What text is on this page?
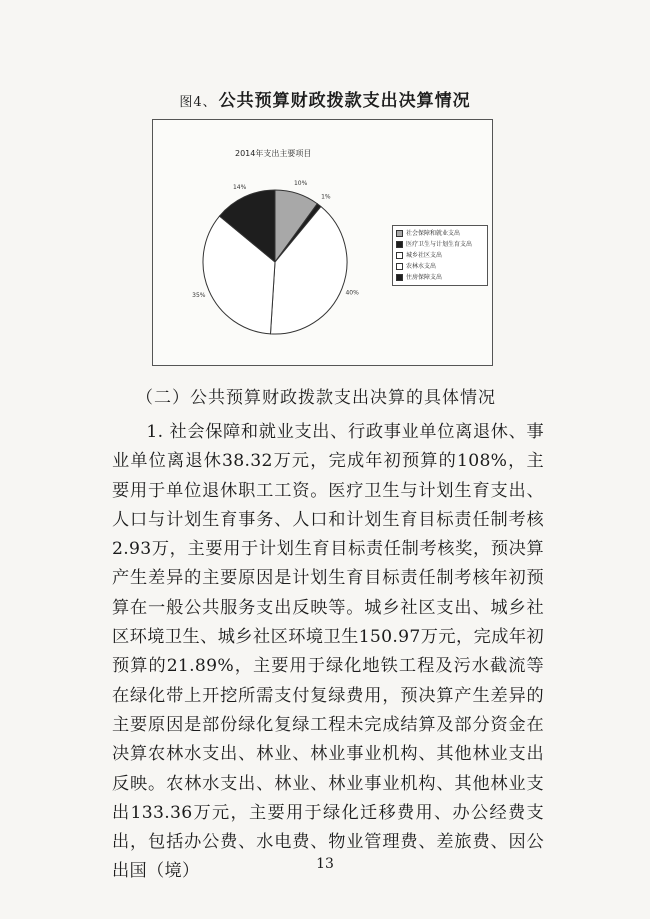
图4、 公共预算财政拨款支出决算情况
2014年支出主要项目
10%
1%
40%
35%
14%
社会保障和就业支出
医疗卫生与计划生育支出
城乡社区支出
农林水支出
住房保障支出
（二）公共预算财政拨款支出决算的具体情况

1. 社会保障和就业支出、行政事业单位离退休、事业单位离退休38.32万元，完成年初预算的108%，主要用于单位退休职工工资。医疗卫生与计划生育支出、人口与计划生育事务、人口和计划生育目标责任制考核2.93万，主要用于计划生育目标责任制考核奖，预决算产生差异的主要原因是计划生育目标责任制考核年初预算在一般公共服务支出反映等。城乡社区支出、城乡社区环境卫生、城乡社区环境卫生150.97万元，完成年初预算的21.89%，主要用于绿化地铁工程及污水截流等在绿化带上开挖所需支付复绿费用，预决算产生差异的主要原因是部份绿化复绿工程未完成结算及部分资金在决算农林水支出、林业、林业事业机构、其他林业支出反映。农林水支出、林业、林业事业机构、其他林业支出133.36万元，主要用于绿化迁移费用、办公经费支出，包括办公费、水电费、物业管理费、差旅费、因公出国（境）	13
